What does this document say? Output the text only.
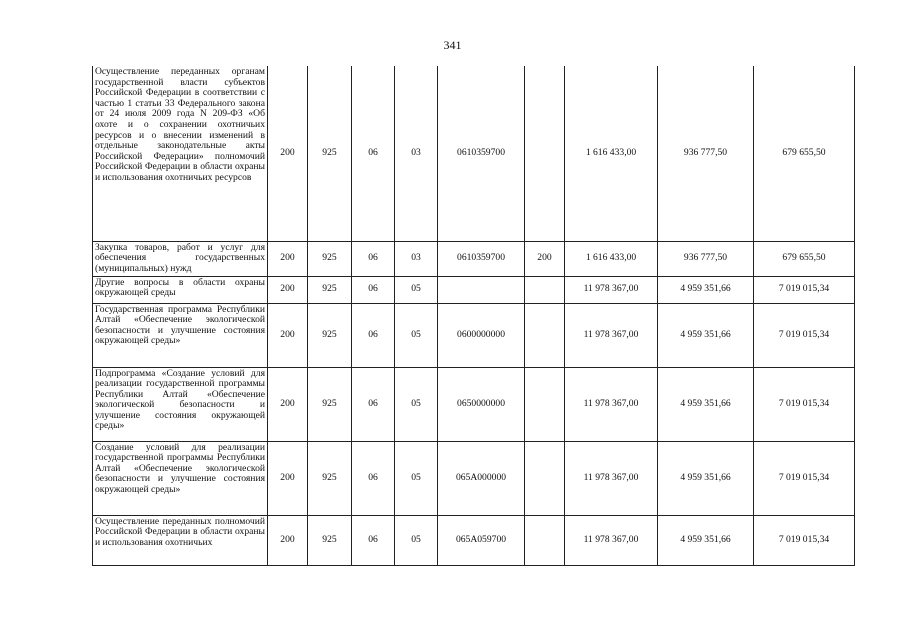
341
Осуществление переданных органам государственной власти субъектов Российской Федерации в соответствии с частью 1 статьи 33 Федерального закона от 24 июля 2009 года N 209-ФЗ «Об охоте и о сохранении охотничьих ресурсов и о внесении изменений в отдельные законодательные акты Российской Федерации» полномочий Российской Федерации в области охраны и использования охотничьих ресурсов	200	925	06	03	0610359700		1 616 433,00	936 777,50	679 655,50
Закупка товаров, работ и услуг для обеспечения государственных (муниципальных) нужд	200	925	06	03	0610359700	200	1 616 433,00	936 777,50	679 655,50
Другие вопросы в области охраны окружающей среды	200	925	06	05			11 978 367,00	4 959 351,66	7 019 015,34
Государственная программа Республики Алтай «Обеспечение экологической безопасности и улучшение состояния окружающей среды»	200	925	06	05	0600000000		11 978 367,00	4 959 351,66	7 019 015,34
Подпрограмма «Создание условий для реализации государственной программы Республики Алтай «Обеспечение экологической безопасности и улучшение состояния окружающей среды»	200	925	06	05	0650000000		11 978 367,00	4 959 351,66	7 019 015,34
Создание условий для реализации государственной программы Республики Алтай «Обеспечение экологической безопасности и улучшение состояния окружающей среды»	200	925	06	05	065А000000		11 978 367,00	4 959 351,66	7 019 015,34
Осуществление переданных полномочий Российской Федерации в области охраны и использования охотничьих	200	925	06	05	065А059700		11 978 367,00	4 959 351,66	7 019 015,34
